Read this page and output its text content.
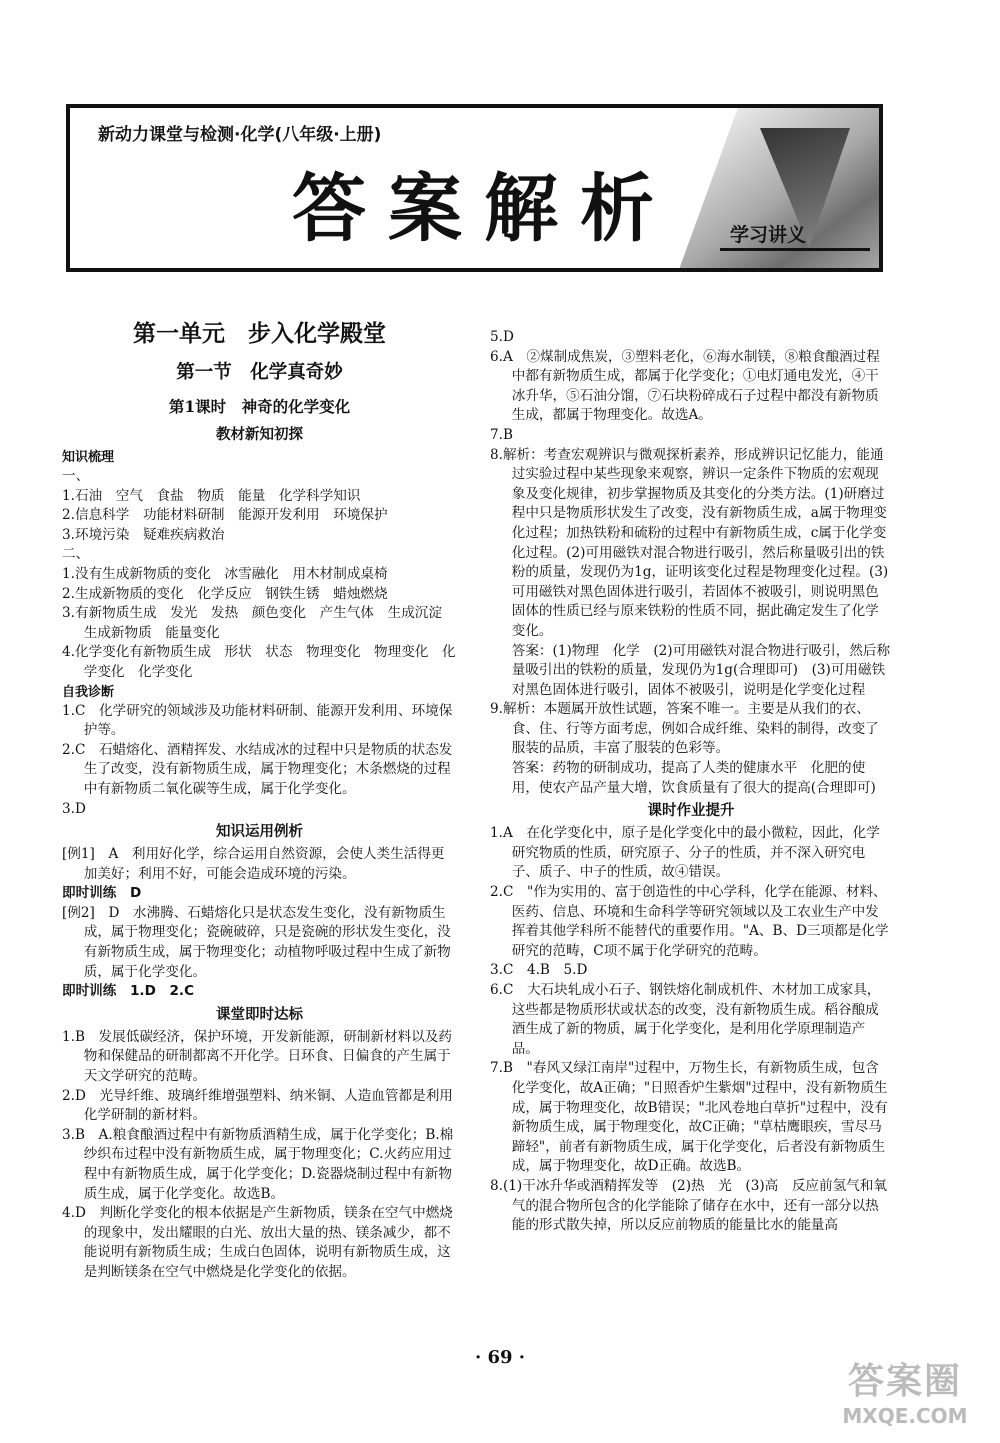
新动力课堂与检测·化学(八年级·上册)
答案解析	学习讲义

第一单元　步入化学殿堂

第一节　化学真奇妙

第1课时　神奇的化学变化

教材新知初探

知识梳理

一、

1.石油　空气　食盐　物质　能量　化学科学知识

2.信息科学　功能材料研制　能源开发利用　环境保护

3.环境污染　疑难疾病救治

二、

1.没有生成新物质的变化　冰雪融化　用木材制成桌椅

2.生成新物质的变化　化学反应　钢铁生锈　蜡烛燃烧

3.有新物质生成　发光　发热　颜色变化　产生气体　生成沉淀　生成新物质　能量变化

4.化学变化有新物质生成　形状　状态　物理变化　物理变化　化学变化　化学变化

自我诊断

1.C　化学研究的领域涉及功能材料研制、能源开发利用、环境保护等。

2.C　石蜡熔化、酒精挥发、水结成冰的过程中只是物质的状态发生了改变，没有新物质生成，属于物理变化；木条燃烧的过程中有新物质二氧化碳等生成，属于化学变化。

3.D

知识运用例析

[例1]　A　利用好化学，综合运用自然资源，会使人类生活得更加美好；利用不好，可能会造成环境的污染。

即时训练　D

[例2]　D　水沸腾、石蜡熔化只是状态发生变化，没有新物质生成，属于物理变化；瓷碗破碎，只是瓷碗的形状发生变化，没有新物质生成，属于物理变化；动植物呼吸过程中生成了新物质，属于化学变化。

即时训练　1.D　2.C

课堂即时达标

1.B　发展低碳经济，保护环境，开发新能源，研制新材料以及药物和保健品的研制都离不开化学。日环食、日偏食的产生属于天文学研究的范畴。

2.D　光导纤维、玻璃纤维增强塑料、纳米铜、人造血管都是利用化学研制的新材料。

3.B　A.粮食酿酒过程中有新物质酒精生成，属于化学变化；B.棉纱织布过程中没有新物质生成，属于物理变化；C.火药应用过程中有新物质生成，属于化学变化；D.瓷器烧制过程中有新物质生成，属于化学变化。故选B。

4.D　判断化学变化的根本依据是产生新物质，镁条在空气中燃烧的现象中，发出耀眼的白光、放出大量的热、镁条减少，都不能说明有新物质生成；生成白色固体，说明有新物质生成，这是判断镁条在空气中燃烧是化学变化的依据。

5.D

6.A　②煤制成焦炭，③塑料老化，⑥海水制镁，⑧粮食酿酒过程中都有新物质生成，都属于化学变化；①电灯通电发光，④干冰升华，⑤石油分馏，⑦石块粉碎成石子过程中都没有新物质生成，都属于物理变化。故选A。

7.B

8.解析：考查宏观辨识与微观探析素养，形成辨识记忆能力，能通过实验过程中某些现象来观察，辨识一定条件下物质的宏观现象及变化规律，初步掌握物质及其变化的分类方法。(1)研磨过程中只是物质形状发生了改变，没有新物质生成，a属于物理变化过程；加热铁粉和硫粉的过程中有新物质生成，c属于化学变化过程。(2)可用磁铁对混合物进行吸引，然后称量吸引出的铁粉的质量，发现仍为1g，证明该变化过程是物理变化过程。(3)可用磁铁对黑色固体进行吸引，若固体不被吸引，则说明黑色固体的性质已经与原来铁粉的性质不同，据此确定发生了化学变化。

答案：(1)物理　化学　(2)可用磁铁对混合物进行吸引，然后称量吸引出的铁粉的质量，发现仍为1g(合理即可)　(3)可用磁铁对黑色固体进行吸引，固体不被吸引，说明是化学变化过程

9.解析：本题属开放性试题，答案不唯一。主要是从我们的衣、食、住、行等方面考虑，例如合成纤维、染料的制得，改变了服装的品质，丰富了服装的色彩等。

答案：药物的研制成功，提高了人类的健康水平　化肥的使用，使农产品产量大增，饮食质量有了很大的提高(合理即可)

课时作业提升

1.A　在化学变化中，原子是化学变化中的最小微粒，因此，化学研究物质的性质，研究原子、分子的性质，并不深入研究电子、质子、中子的性质，故④错误。

2.C　"作为实用的、富于创造性的中心学科，化学在能源、材料、医药、信息、环境和生命科学等研究领域以及工农业生产中发挥着其他学科所不能替代的重要作用。"A、B、D三项都是化学研究的范畴，C项不属于化学研究的范畴。

3.C　4.B　5.D

6.C　大石块轧成小石子、钢铁熔化制成机件、木材加工成家具，这些都是物质形状或状态的改变，没有新物质生成。稻谷酿成酒生成了新的物质，属于化学变化，是利用化学原理制造产品。

7.B　"春风又绿江南岸"过程中，万物生长，有新物质生成，包含化学变化，故A正确；"日照香炉生紫烟"过程中，没有新物质生成，属于物理变化，故B错误；"北风卷地白草折"过程中，没有新物质生成，属于物理变化，故C正确；"草枯鹰眼疾，雪尽马蹄轻"，前者有新物质生成，属于化学变化，后者没有新物质生成，属于物理变化，故D正确。故选B。

8.(1)干冰升华或酒精挥发等　(2)热　光　(3)高　反应前氢气和氧气的混合物所包含的化学能除了储存在水中，还有一部分以热能的形式散失掉，所以反应前物质的能量比水的能量高

· 69 ·
答案圈
MXQE.COM
